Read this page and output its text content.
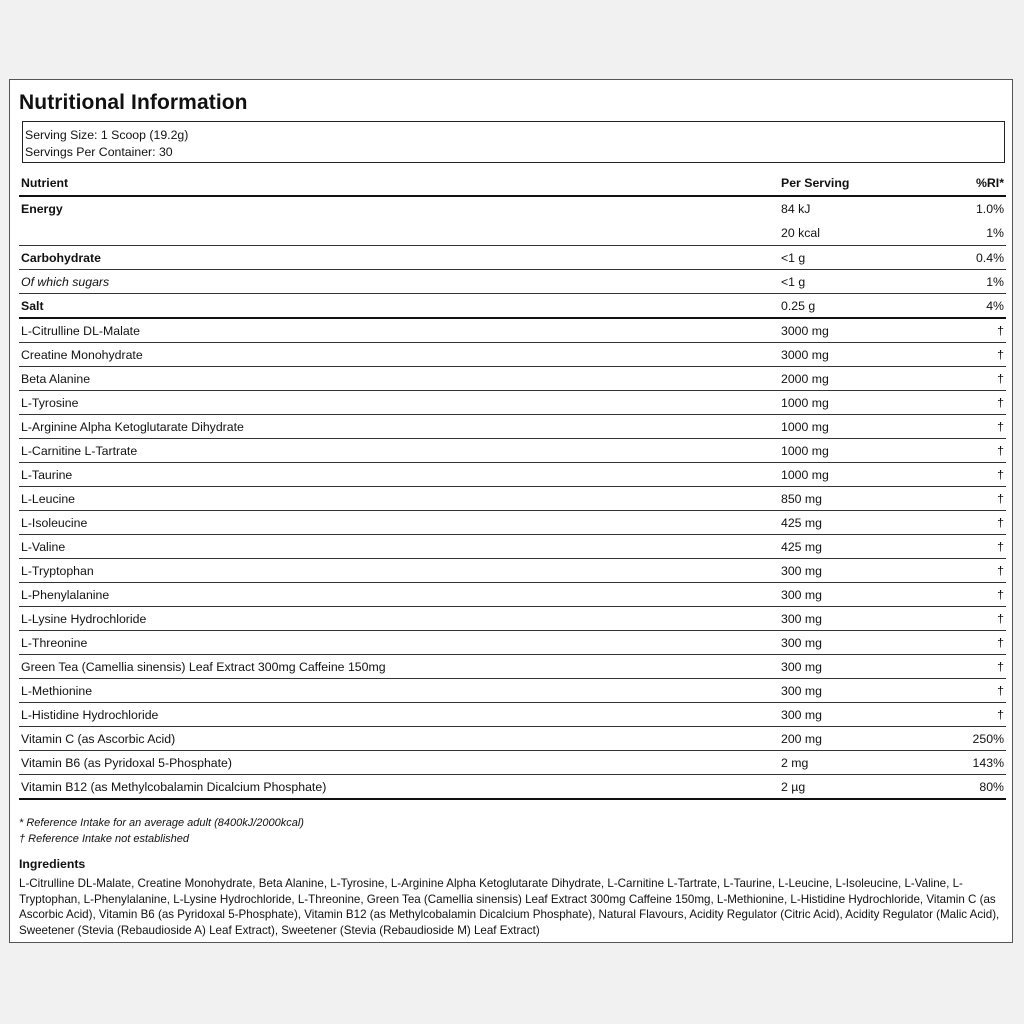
Nutritional Information
Serving Size: 1 Scoop (19.2g)
Servings Per Container: 30
Nutrient	Per Serving	%RI*
Energy	84 kJ	1.0%
	20 kcal	1%
Carbohydrate	<1 g	0.4%
Of which sugars	<1 g	1%
Salt	0.25 g	4%
L-Citrulline DL-Malate	3000 mg	†
Creatine Monohydrate	3000 mg	†
Beta Alanine	2000 mg	†
L-Tyrosine	1000 mg	†
L-Arginine Alpha Ketoglutarate Dihydrate	1000 mg	†
L-Carnitine L-Tartrate	1000 mg	†
L-Taurine	1000 mg	†
L-Leucine	850 mg	†
L-Isoleucine	425 mg	†
L-Valine	425 mg	†
L-Tryptophan	300 mg	†
L-Phenylalanine	300 mg	†
L-Lysine Hydrochloride	300 mg	†
L-Threonine	300 mg	†
Green Tea (Camellia sinensis) Leaf Extract 300mg Caffeine 150mg	300 mg	†
L-Methionine	300 mg	†
L-Histidine Hydrochloride	300 mg	†
Vitamin C (as Ascorbic Acid)	200 mg	250%
Vitamin B6 (as Pyridoxal 5-Phosphate)	2 mg	143%
Vitamin B12 (as Methylcobalamin Dicalcium Phosphate)	2 µg	80%
* Reference Intake for an average adult (8400kJ/2000kcal)
† Reference Intake not established
Ingredients
L-Citrulline DL-Malate, Creatine Monohydrate, Beta Alanine, L-Tyrosine, L-Arginine Alpha Ketoglutarate Dihydrate, L-Carnitine L-Tartrate, L-Taurine, L-Leucine, L-Isoleucine, L-Valine, L-Tryptophan, L-Phenylalanine, L-Lysine Hydrochloride, L-Threonine, Green Tea (Camellia sinensis) Leaf Extract 300mg Caffeine 150mg, L-Methionine, L-Histidine Hydrochloride, Vitamin C (as Ascorbic Acid), Vitamin B6 (as Pyridoxal 5-Phosphate), Vitamin B12 (as Methylcobalamin Dicalcium Phosphate), Natural Flavours, Acidity Regulator (Citric Acid), Acidity Regulator (Malic Acid), Sweetener (Stevia (Rebaudioside A) Leaf Extract), Sweetener (Stevia (Rebaudioside M) Leaf Extract)
